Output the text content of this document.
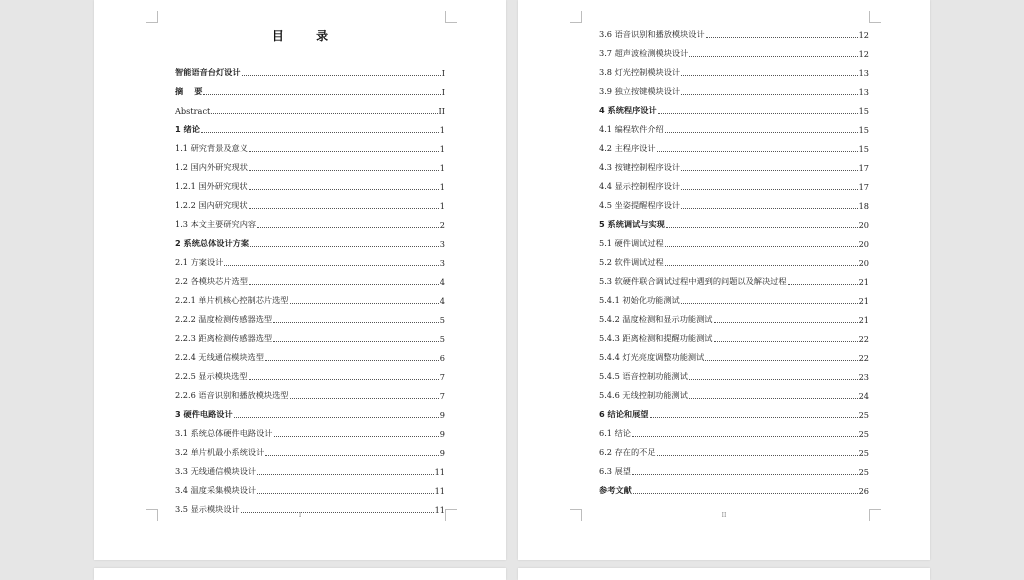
目 录
智能语音台灯设计	I
摘　 要	I
Abstract	II
1 绪论	1
1.1 研究背景及意义	1
1.2 国内外研究现状	1
1.2.1 国外研究现状	1
1.2.2 国内研究现状	1
1.3 本文主要研究内容	2
2 系统总体设计方案	3
2.1 方案设计	3
2.2 各模块芯片选型	4
2.2.1 单片机核心控制芯片选型	4
2.2.2 温度检测传感器选型	5
2.2.3 距离检测传感器选型	5
2.2.4 无线通信模块选型	6
2.2.5 显示模块选型	7
2.2.6 语音识别和播放模块选型	7
3 硬件电路设计	9
3.1 系统总体硬件电路设计	9
3.2 单片机最小系统设计	9
3.3 无线通信模块设计	11
3.4 温度采集模块设计	11
3.5 显示模块设计	11
I
3.6 语音识别和播放模块设计	12
3.7 超声波检测模块设计	12
3.8 灯光控制模块设计	13
3.9 独立按键模块设计	13
4 系统程序设计	15
4.1 编程软件介绍	15
4.2 主程序设计	15
4.3 按键控制程序设计	17
4.4 显示控制程序设计	17
4.5 坐姿提醒程序设计	18
5 系统调试与实现	20
5.1 硬件调试过程	20
5.2 软件调试过程	20
5.3 软硬件联合调试过程中遇到的问题以及解决过程	21
5.4.1 初始化功能测试	21
5.4.2 温度检测和显示功能测试	21
5.4.3 距离检测和提醒功能测试	22
5.4.4 灯光亮度调整功能测试	22
5.4.5 语音控制功能测试	23
5.4.6 无线控制功能测试	24
6 结论和展望	25
6.1 结论	25
6.2 存在的不足	25
6.3 展望	25
参考文献	26
II
